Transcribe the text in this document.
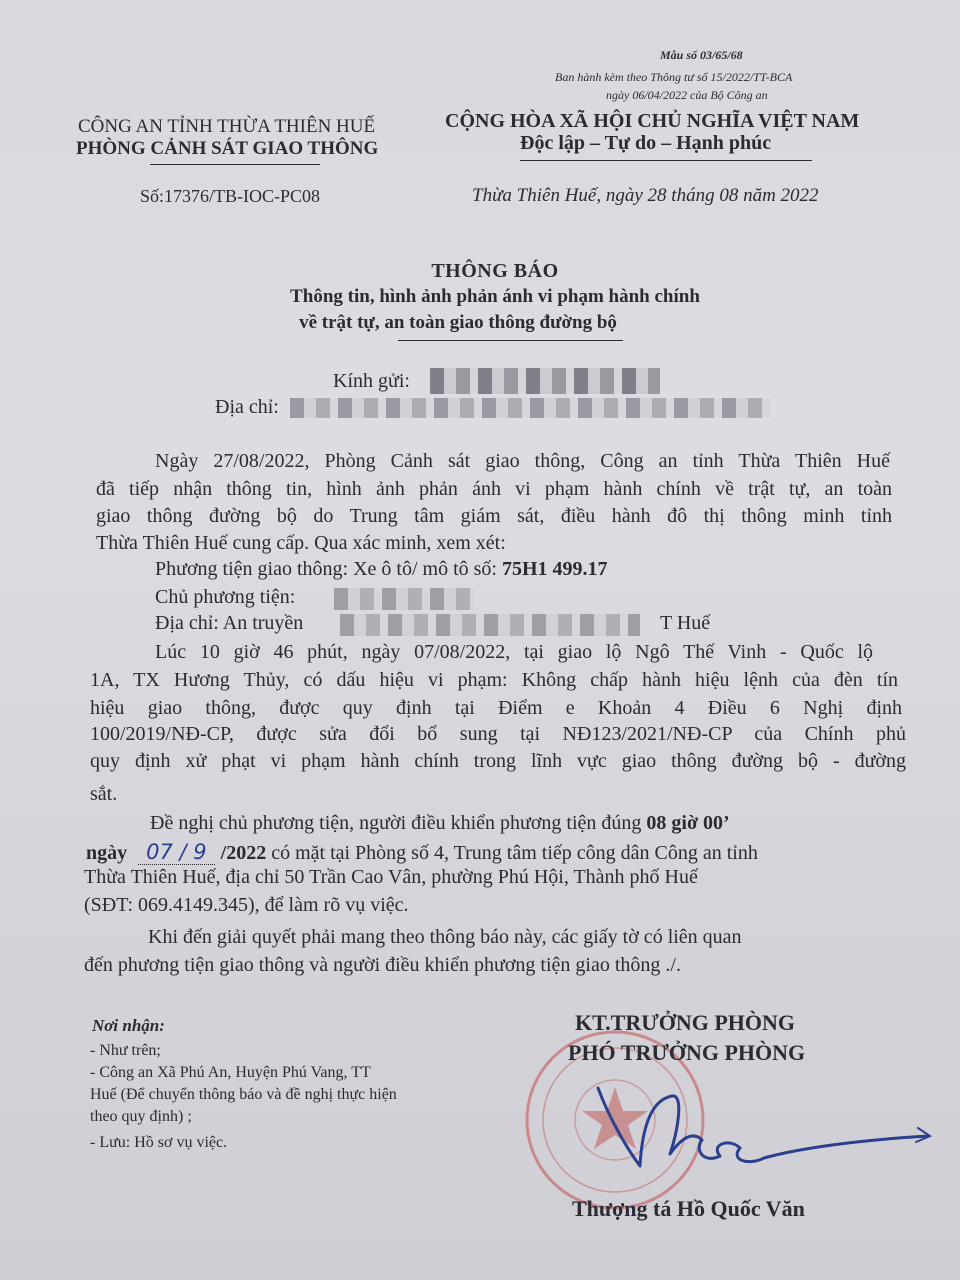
Mẫu số 03/65/68
Ban hành kèm theo Thông tư số 15/2022/TT-BCA
ngày 06/04/2022 của Bộ Công an
CÔNG AN TỈNH THỪA THIÊN HUẾ
PHÒNG CẢNH SÁT GIAO THÔNG
Số:17376/TB-IOC-PC08
CỘNG HÒA XÃ HỘI CHỦ NGHĨA VIỆT NAM
Độc lập – Tự do – Hạnh phúc
Thừa Thiên Huế, ngày 28 tháng 08 năm 2022
THÔNG BÁO
Thông tin, hình ảnh phản ánh vi phạm hành chính
về trật tự, an toàn giao thông đường bộ
Kính gửi:
Địa chỉ:
Ngày 27/08/2022, Phòng Cảnh sát giao thông, Công an tỉnh Thừa Thiên Huế
đã tiếp nhận thông tin, hình ảnh phản ánh vi phạm hành chính về trật tự, an toàn
giao thông đường bộ do Trung tâm giám sát, điều hành đô thị thông minh tỉnh
Thừa Thiên Huế cung cấp. Qua xác minh, xem xét:
Phương tiện giao thông: Xe ô tô/ mô tô số: 75H1 499.17
Chủ phương tiện:
Địa chỉ: An truyền	T Huế
Lúc 10 giờ 46 phút, ngày 07/08/2022, tại giao lộ Ngô Thế Vinh - Quốc lộ
1A, TX Hương Thủy, có dấu hiệu vi phạm: Không chấp hành hiệu lệnh của đèn tín
hiệu giao thông, được quy định tại Điểm e Khoản 4 Điều 6 Nghị định
100/2019/NĐ-CP, được sửa đổi bổ sung tại NĐ123/2021/NĐ-CP của Chính phủ
quy định xử phạt vi phạm hành chính trong lĩnh vực giao thông đường bộ - đường
sắt.
Đề nghị chủ phương tiện, người điều khiển phương tiện đúng 08 giờ 00’
ngày 07 / 9 /2022 có mặt tại Phòng số 4, Trung tâm tiếp công dân Công an tỉnh
Thừa Thiên Huế, địa chỉ 50 Trần Cao Vân, phường Phú Hội, Thành phố Huế
(SĐT: 069.4149.345), để làm rõ vụ việc.
Khi đến giải quyết phải mang theo thông báo này, các giấy tờ có liên quan
đến phương tiện giao thông và người điều khiển phương tiện giao thông ./.
Nơi nhận:
- Như trên;
- Công an Xã Phú An, Huyện Phú Vang, TT
Huế (Để chuyển thông báo và đề nghị thực hiện
theo quy định) ;
- Lưu: Hồ sơ vụ việc.
KT.TRƯỞNG PHÒNG
PHÓ TRƯỞNG PHÒNG
Thượng tá Hồ Quốc Văn
